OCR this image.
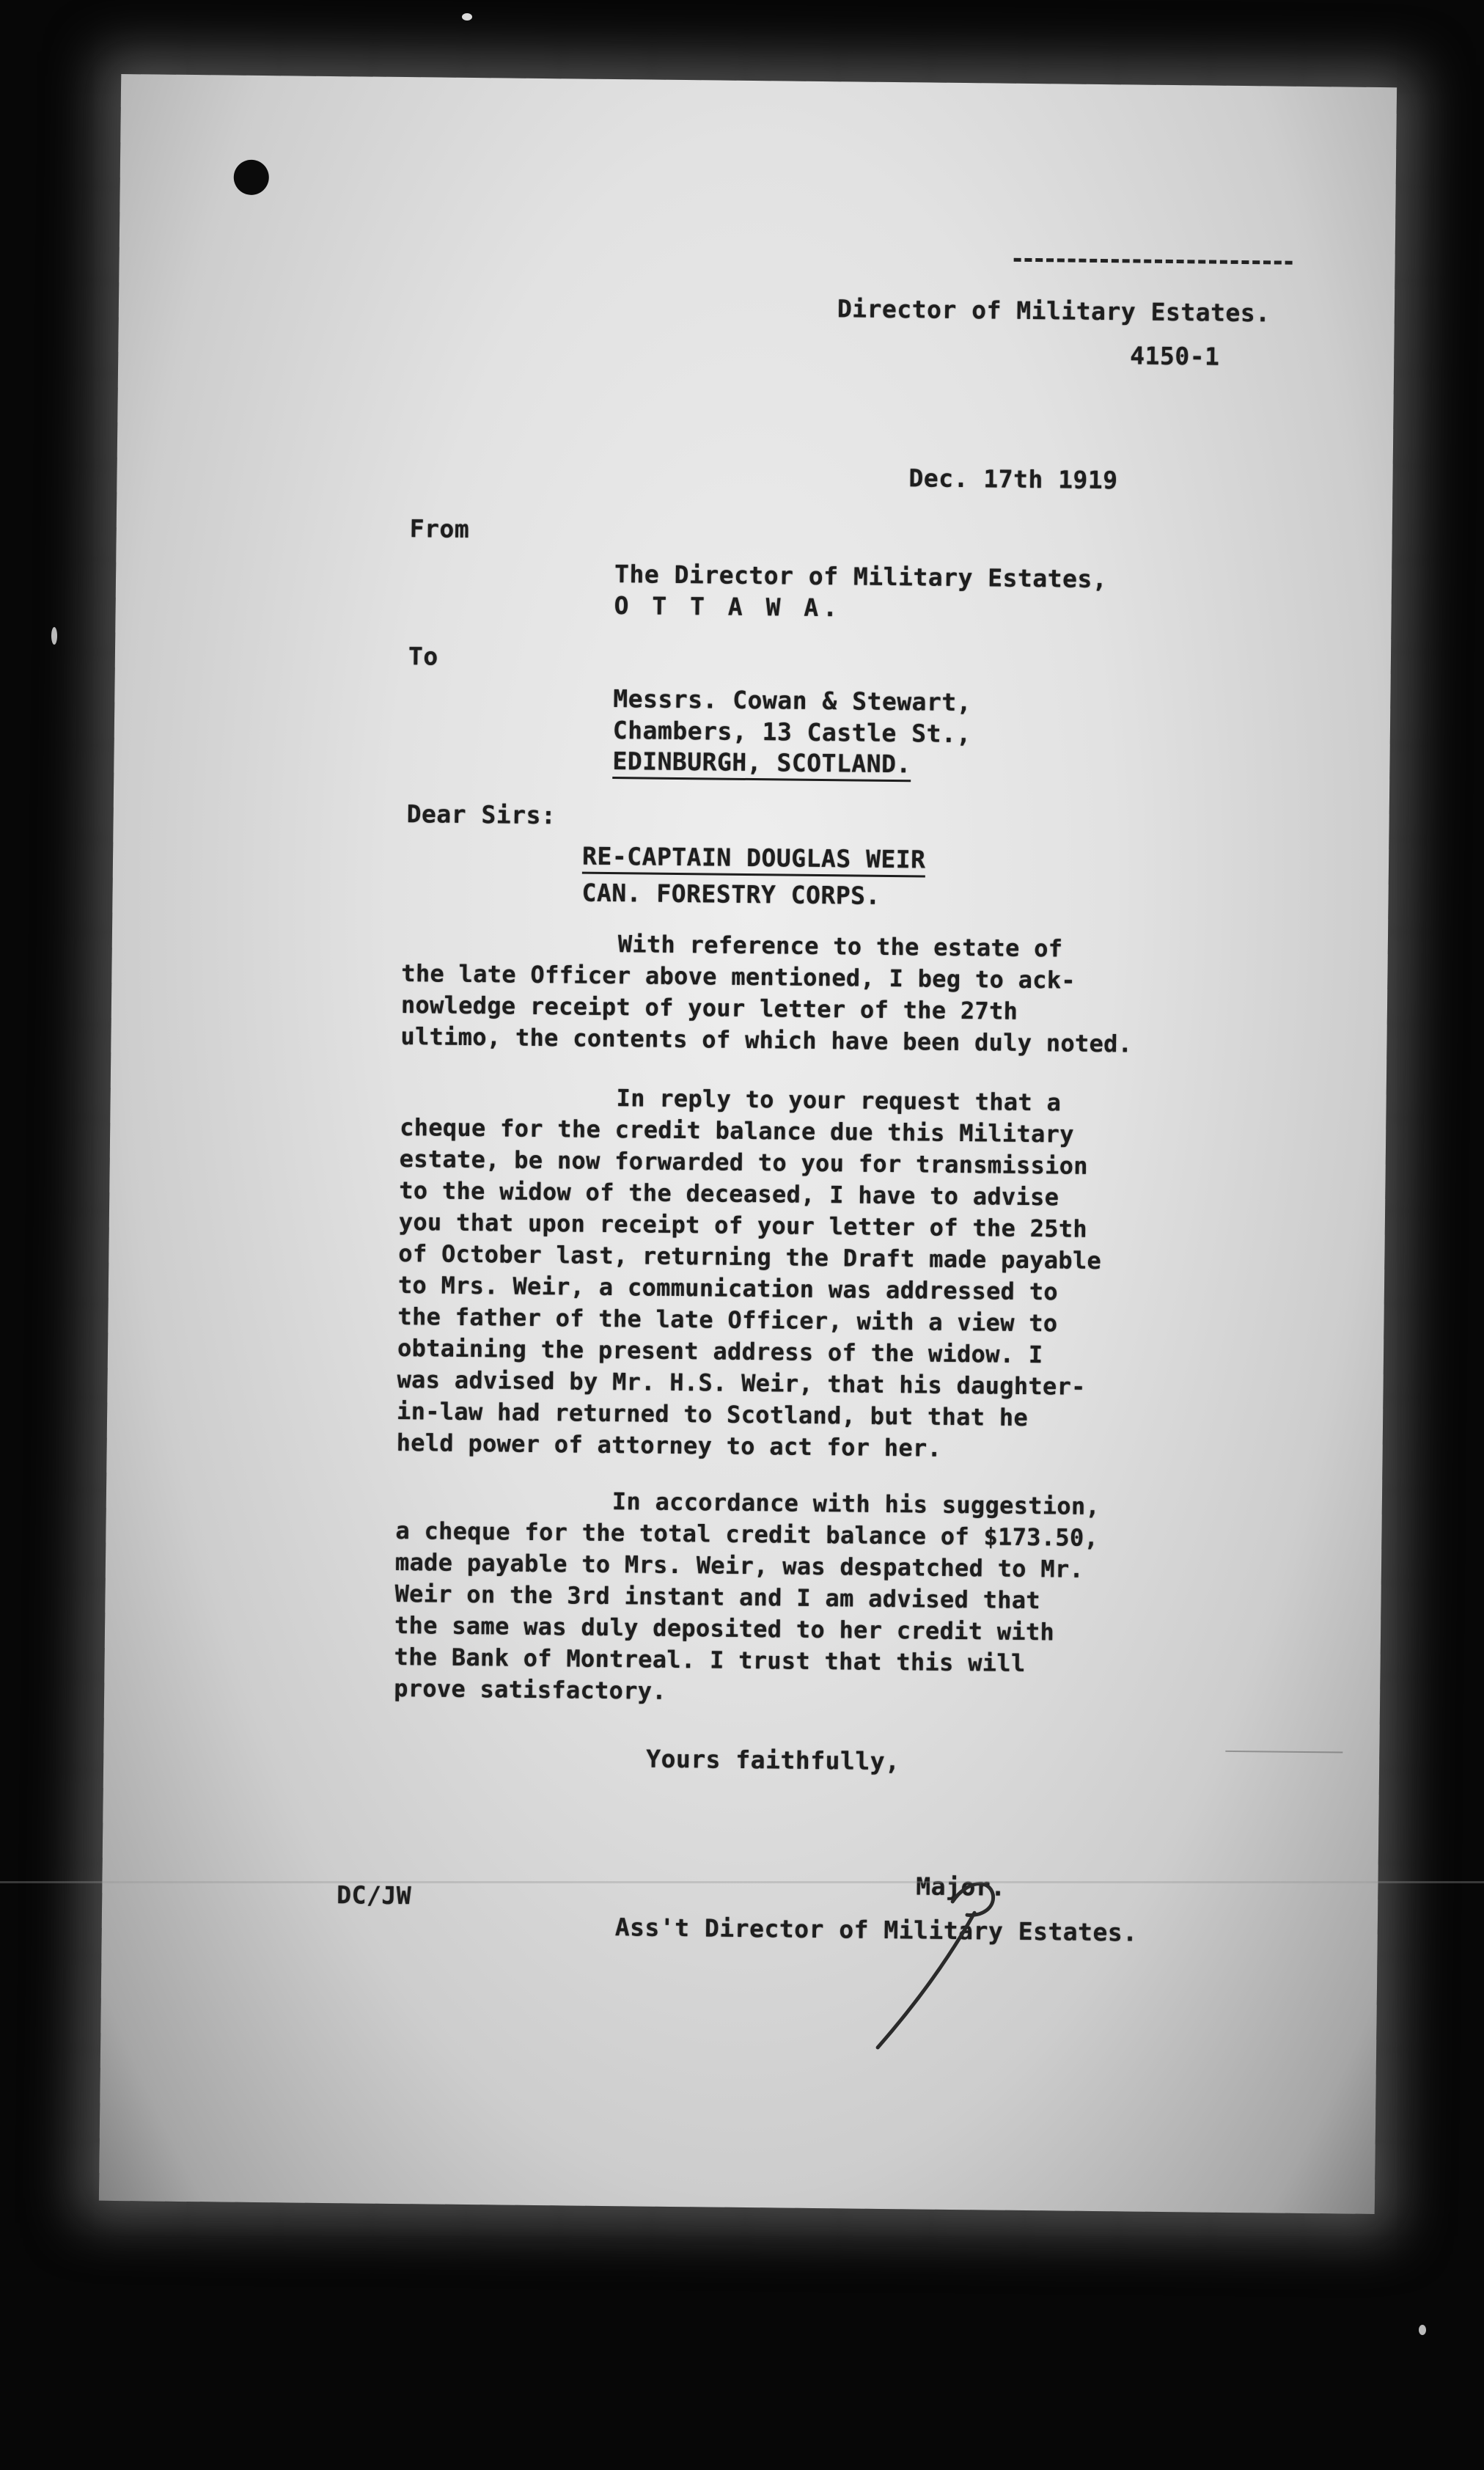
Director of Military Estates.
4150-1
Dec. 17th 1919
From
The Director of Military Estates,
O T T A W A.
To
Messrs. Cowan & Stewart,
Chambers, 13 Castle St.,
EDINBURGH, SCOTLAND.
Dear Sirs:
RE-CAPTAIN DOUGLAS WEIR
CAN. FORESTRY CORPS.
With reference to the estate of
the late Officer above mentioned, I beg to ack-
nowledge receipt of your letter of the 27th
ultimo, the contents of which have been duly noted.
In reply to your request that a
cheque for the credit balance due this Military
estate, be now forwarded to you for transmission
to the widow of the deceased, I have to advise
you that upon receipt of your letter of the 25th
of October last, returning the Draft made payable
to Mrs. Weir, a communication was addressed to
the father of the late Officer, with a view to
obtaining the present address of the widow. I
was advised by Mr. H.S. Weir, that his daughter-
in-law had returned to Scotland, but that he
held power of attorney to act for her.
In accordance with his suggestion,
a cheque for the total credit balance of $173.50,
made payable to Mrs. Weir, was despatched to Mr.
Weir on the 3rd instant and I am advised that
the same was duly deposited to her credit with
the Bank of Montreal. I trust that this will
prove satisfactory.
Yours faithfully,
DC/JW	Major.
Ass't Director of Military Estates.
